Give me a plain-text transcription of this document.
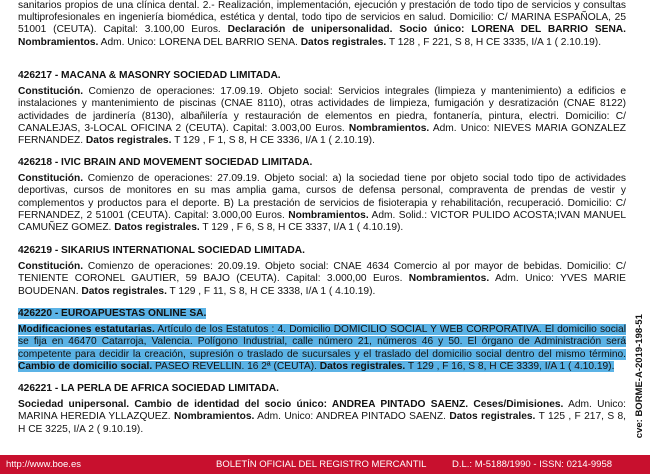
sanitarios propios de una clínica dental. 2.- Realización, implementación, ejecución y prestación de todo tipo de servicios y consultas multiprofesionales en ingeniería biomédica, estética y dental, todo tipo de servicios en salud. Domicilio: C/ MARINA ESPAÑOLA, 25 51001 (CEUTA). Capital: 3.100,00 Euros. Declaración de unipersonalidad. Socio único: LORENA DEL BARRIO SENA. Nombramientos. Adm. Unico: LORENA DEL BARRIO SENA. Datos registrales. T 128 , F 221, S 8, H CE 3335, I/A 1 ( 2.10.19).

426217 - MACANA & MASONRY SOCIEDAD LIMITADA.

Constitución. Comienzo de operaciones: 17.09.19. Objeto social: Servicios integrales (limpieza y mantenimiento) a edificios e instalaciones y mantenimiento de piscinas (CNAE 8110), otras actividades de limpieza, fumigación y desratización (CNAE 8122) actividades de jardinería (8130), albañilería y restauración de elementos en piedra, fontanería, pintura, electri. Domicilio: C/ CANALEJAS, 3-LOCAL OFICINA 2 (CEUTA). Capital: 3.003,00 Euros. Nombramientos. Adm. Unico: NIEVES MARIA GONZALEZ FERNANDEZ. Datos registrales. T 129 , F 1, S 8, H CE 3336, I/A 1 ( 2.10.19).

426218 - IVIC BRAIN AND MOVEMENT SOCIEDAD LIMITADA.

Constitución. Comienzo de operaciones: 27.09.19. Objeto social: a) la sociedad tiene por objeto social todo tipo de actividades deportivas, cursos de monitores en su mas amplia gama, cursos de defensa personal, compraventa de prendas de vestir y complementos y productos para el deporte. B) La prestación de servicios de fisioterapia y rehabilitación, recuperació. Domicilio: C/ FERNANDEZ, 2 51001 (CEUTA). Capital: 3.000,00 Euros. Nombramientos. Adm. Solid.: VICTOR PULIDO ACOSTA;IVAN MANUEL CAMUÑEZ GOMEZ. Datos registrales. T 129 , F 6, S 8, H CE 3337, I/A 1 ( 4.10.19).

426219 - SIKARIUS INTERNATIONAL SOCIEDAD LIMITADA.

Constitución. Comienzo de operaciones: 20.09.19. Objeto social: CNAE 4634 Comercio al por mayor de bebidas. Domicilio: C/ TENIENTE CORONEL GAUTIER, 59 BAJO (CEUTA). Capital: 3.000,00 Euros. Nombramientos. Adm. Unico: YVES MARIE BOUDENAN. Datos registrales. T 129 , F 11, S 8, H CE 3338, I/A 1 ( 4.10.19).

426220 - EUROAPUESTAS ONLINE SA.

Modificaciones estatutarias. Artículo de los Estatutos : 4. Domicilio DOMICILIO SOCIAL Y WEB CORPORATIVA. El domicilio social se fija en 46470 Catarroja, Valencia. Polígono Industrial, calle número 21, números 46 y 50. El órgano de Administración será competente para decidir la creación, supresión o traslado de sucursales y el traslado del domicilio social dentro del mismo término. Cambio de domicilio social. PASEO REVELLIN. 16 2ª (CEUTA). Datos registrales. T 129 , F 16, S 8, H CE 3339, I/A 1 ( 4.10.19).

426221 - LA PERLA DE AFRICA SOCIEDAD LIMITADA.

Sociedad unipersonal. Cambio de identidad del socio único: ANDREA PINTADO SAENZ. Ceses/Dimisiones. Adm. Unico: MARINA HEREDIA YLLAZQUEZ. Nombramientos. Adm. Unico: ANDREA PINTADO SAENZ. Datos registrales. T 125 , F 217, S 8, H CE 3225, I/A 2 ( 9.10.19).	cve: BORME-A-2019-198-51
http://www.boe.es	BOLETÍN OFICIAL DEL REGISTRO MERCANTIL	D.L.: M-5188/1990 - ISSN: 0214-9958
